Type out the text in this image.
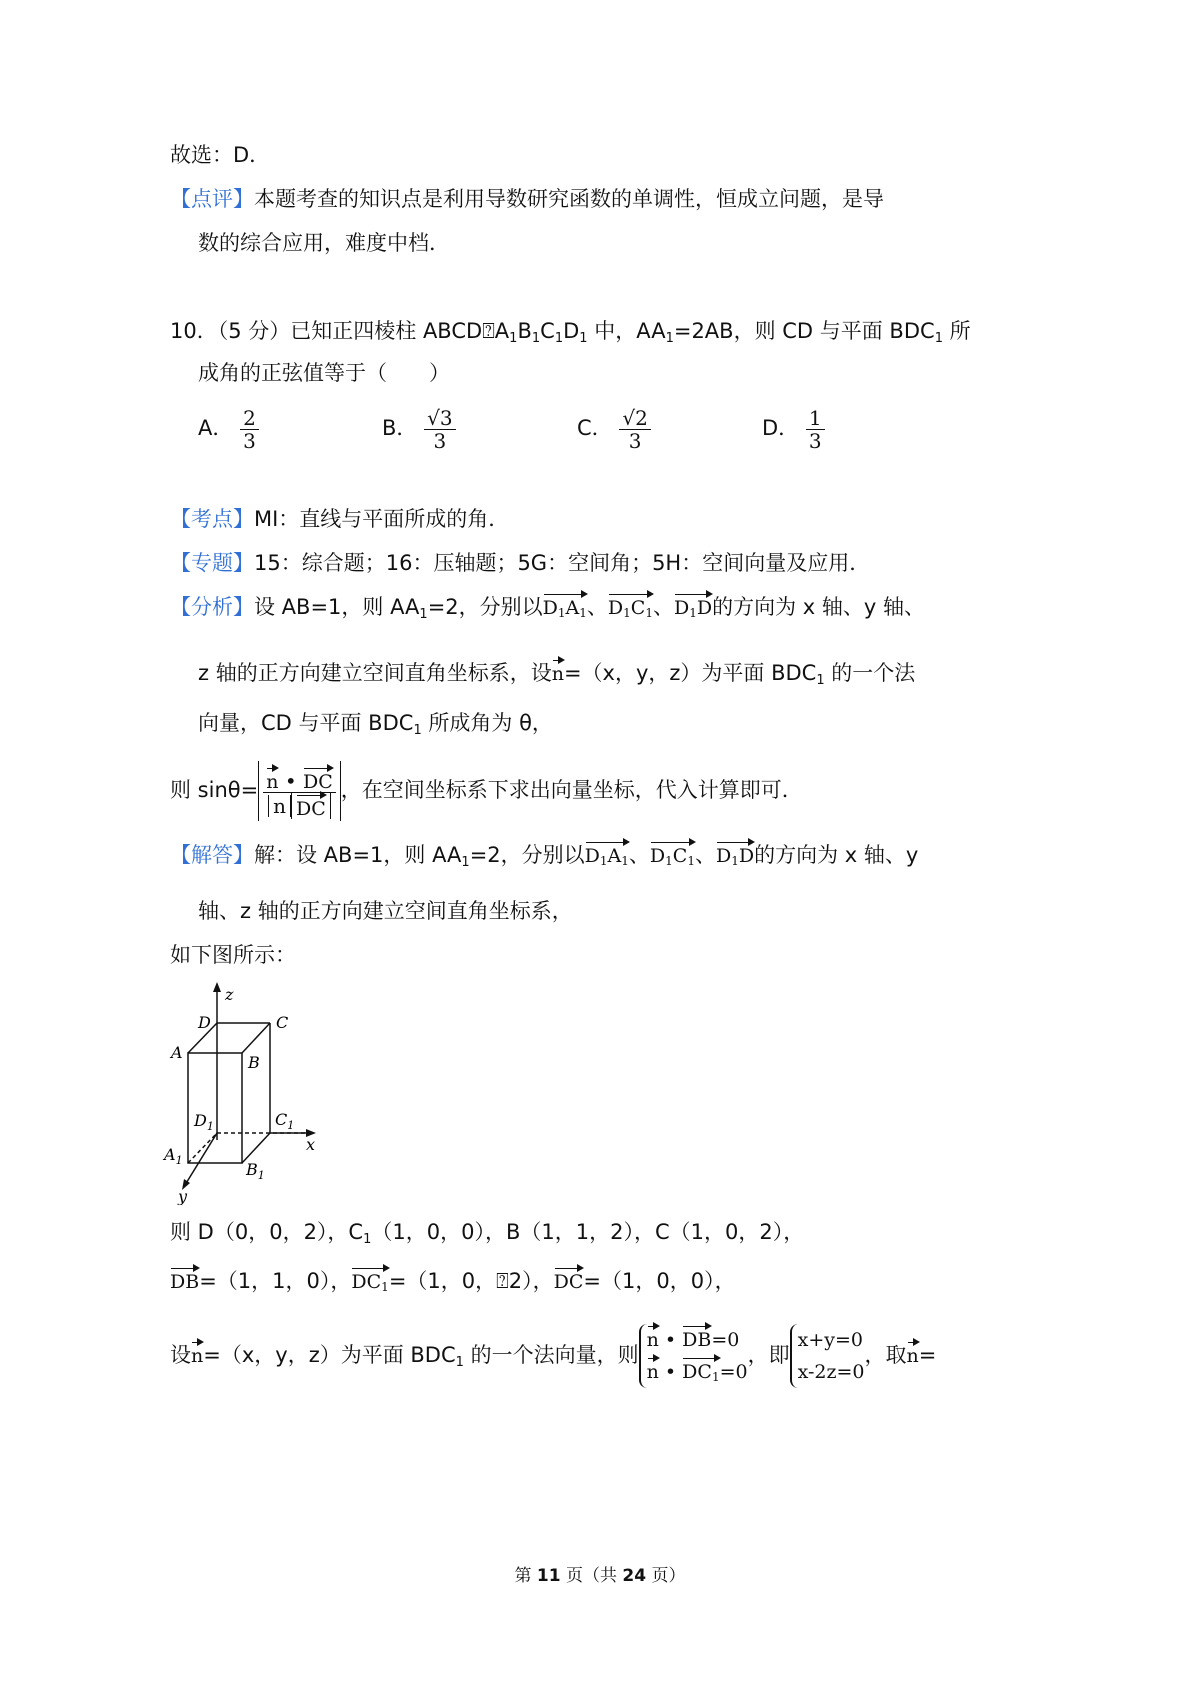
故选：D．
【点评】本题考查的知识点是利用导数研究函数的单调性，恒成立问题，是导
数的综合应用，难度中档．
10．（5 分）已知正四棱柱 $ABCD⍰A_1B_1C_1D_1$ 中，$AA_1=2AB$，则 CD 与平面 $BDC_1$ 所
成角的正弦值等于（　　）
A． $\frac{2}{3}$	B． $\frac{√3}{3}$	C． $\frac{√2}{3}$	D． $\frac{1}{3}$
【考点】MI：直线与平面所成的角．
【专题】15：综合题；16：压轴题；5G：空间角；5H：空间向量及应用．
【分析】设 AB=1，则 $AA_1=2$，分别以$D_1A_1$、$D_1C_1$、$D_1D$的方向为 x 轴、y 轴、
z 轴的正方向建立空间直角坐标系，设n=（x，y，z）为平面 $BDC_1$ 的一个法
向量，CD 与平面 $BDC_1$ 所成角为 θ，
则 $\sin\theta= \frac{n • DC}{\text{n DC}}$ ，在空间坐标系下求出向量坐标，代入计算即可．
【解答】解：设 AB=1，则 $AA_1=2$，分别以$D_1A_1$、$D_1C_1$、$D_1D$的方向为 x 轴、y
轴、z 轴的正方向建立空间直角坐标系，
如下图所示：
z
D	C
A
B
$D_1$	$C_1$
x
$A_1$	$B_1$
y
则 D（0，0，2），$C_1(1$，0，0），B（1，1，2），C（1，0，2），
DB=（1，1，0），$DC_1=(1$，0，⍰2），DC=（1，0，0），
设n=（x，y，z）为平面 $BDC_1$ 的一个法向量，则
n • DB=0
n • $DC_1=0$
，即
x+y=0
x-2z=0
，取n=
第 11 页（共 24 页）
